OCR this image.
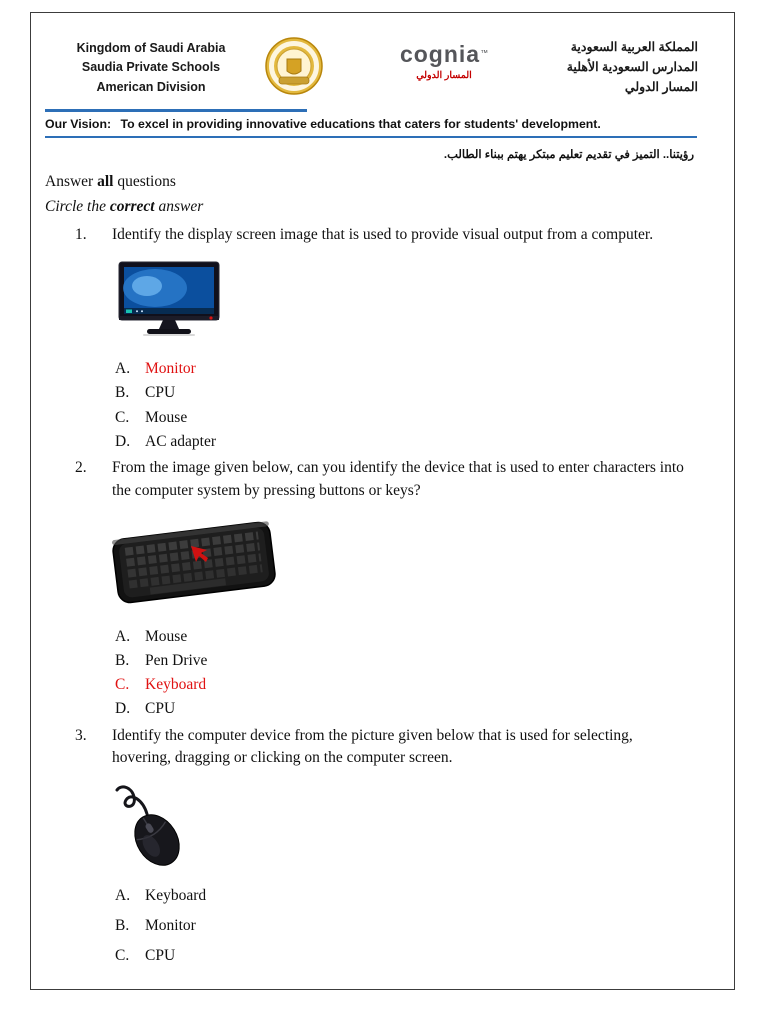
Kingdom of Saudi Arabia
Saudia Private Schools
American Division
cognia™
المسار الدولي
المملكة العربية السعودية
المدارس السعودية الأهلية
المسار الدولي
Our Vision: To excel in providing innovative educations that caters for students' development.
رؤيتنا.. التميز في تقديم تعليم مبتكر يهتم ببناء الطالب.

Answer all questions

Circle the correct answer

1.	Identify the display screen image that is used to provide visual output from a computer.
A. Monitor
B.	CPU
C.	Mouse
D. AC adapter
2.	From the image given below, can you identify the device that is used to enter characters into the computer system by pressing buttons or keys?
A. Mouse
B.	Pen Drive
C.	Keyboard
D. CPU
3.	Identify the computer device from the picture given below that is used for selecting, hovering, dragging or clicking on the computer screen.
A. Keyboard
B.	Monitor
C.	CPU
